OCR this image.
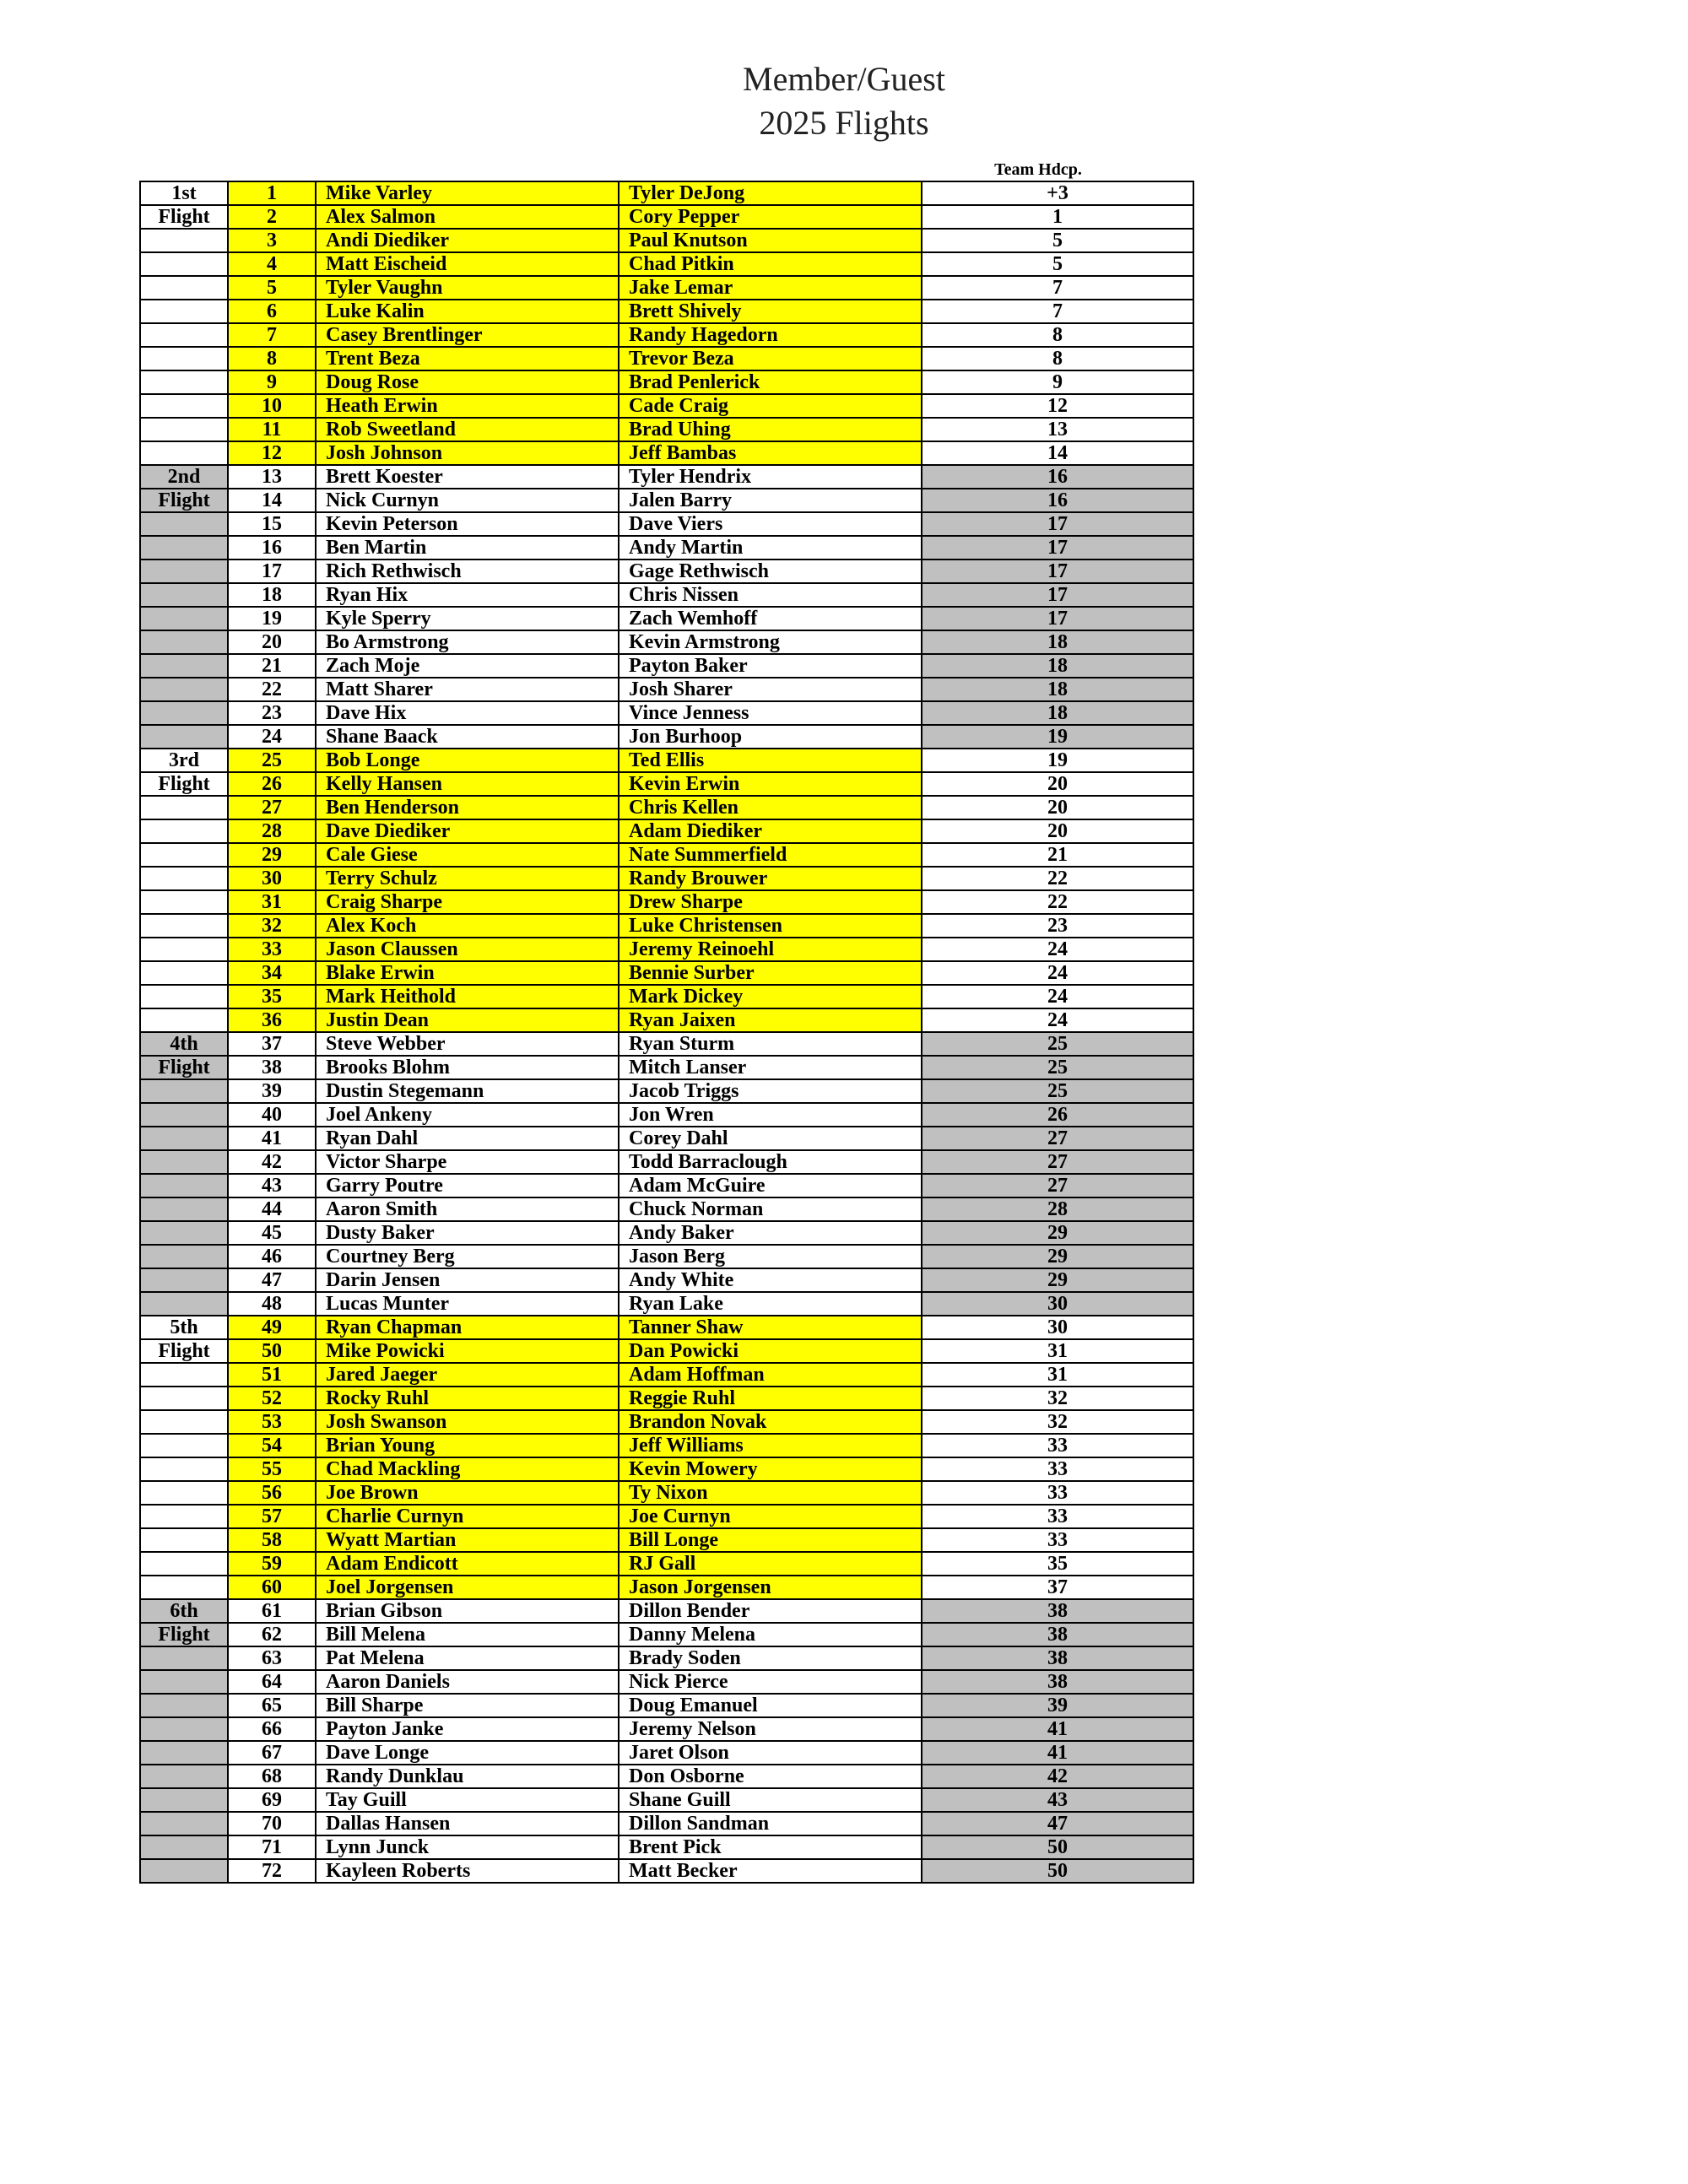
Member/Guest
2025 Flights
Team Hdcp.
1st	1	Mike Varley	Tyler DeJong	+3
Flight	2	Alex Salmon	Cory Pepper	1
	3	Andi Diediker	Paul Knutson	5
	4	Matt Eischeid	Chad Pitkin	5
	5	Tyler Vaughn	Jake Lemar	7
	6	Luke Kalin	Brett Shively	7
	7	Casey Brentlinger	Randy Hagedorn	8
	8	Trent Beza	Trevor Beza	8
	9	Doug Rose	Brad Penlerick	9
	10	Heath Erwin	Cade Craig	12
	11	Rob Sweetland	Brad Uhing	13
	12	Josh Johnson	Jeff Bambas	14
2nd	13	Brett Koester	Tyler Hendrix	16
Flight	14	Nick Curnyn	Jalen Barry	16
	15	Kevin Peterson	Dave Viers	17
	16	Ben Martin	Andy Martin	17
	17	Rich Rethwisch	Gage Rethwisch	17
	18	Ryan Hix	Chris Nissen	17
	19	Kyle Sperry	Zach Wemhoff	17
	20	Bo Armstrong	Kevin Armstrong	18
	21	Zach Moje	Payton Baker	18
	22	Matt Sharer	Josh Sharer	18
	23	Dave Hix	Vince Jenness	18
	24	Shane Baack	Jon Burhoop	19
3rd	25	Bob Longe	Ted Ellis	19
Flight	26	Kelly Hansen	Kevin Erwin	20
	27	Ben Henderson	Chris Kellen	20
	28	Dave Diediker	Adam Diediker	20
	29	Cale Giese	Nate Summerfield	21
	30	Terry Schulz	Randy Brouwer	22
	31	Craig Sharpe	Drew Sharpe	22
	32	Alex Koch	Luke Christensen	23
	33	Jason Claussen	Jeremy Reinoehl	24
	34	Blake Erwin	Bennie Surber	24
	35	Mark Heithold	Mark Dickey	24
	36	Justin Dean	Ryan Jaixen	24
4th	37	Steve Webber	Ryan Sturm	25
Flight	38	Brooks Blohm	Mitch Lanser	25
	39	Dustin Stegemann	Jacob Triggs	25
	40	Joel Ankeny	Jon Wren	26
	41	Ryan Dahl	Corey Dahl	27
	42	Victor Sharpe	Todd Barraclough	27
	43	Garry Poutre	Adam McGuire	27
	44	Aaron Smith	Chuck Norman	28
	45	Dusty Baker	Andy Baker	29
	46	Courtney Berg	Jason Berg	29
	47	Darin Jensen	Andy White	29
	48	Lucas Munter	Ryan Lake	30
5th	49	Ryan Chapman	Tanner Shaw	30
Flight	50	Mike Powicki	Dan Powicki	31
	51	Jared Jaeger	Adam Hoffman	31
	52	Rocky Ruhl	Reggie Ruhl	32
	53	Josh Swanson	Brandon Novak	32
	54	Brian Young	Jeff Williams	33
	55	Chad Mackling	Kevin Mowery	33
	56	Joe Brown	Ty Nixon	33
	57	Charlie Curnyn	Joe Curnyn	33
	58	Wyatt Martian	Bill Longe	33
	59	Adam Endicott	RJ Gall	35
	60	Joel Jorgensen	Jason Jorgensen	37
6th	61	Brian Gibson	Dillon Bender	38
Flight	62	Bill Melena	Danny Melena	38
	63	Pat Melena	Brady Soden	38
	64	Aaron Daniels	Nick Pierce	38
	65	Bill Sharpe	Doug Emanuel	39
	66	Payton Janke	Jeremy Nelson	41
	67	Dave Longe	Jaret Olson	41
	68	Randy Dunklau	Don Osborne	42
	69	Tay Guill	Shane Guill	43
	70	Dallas Hansen	Dillon Sandman	47
	71	Lynn Junck	Brent Pick	50
	72	Kayleen Roberts	Matt Becker	50
